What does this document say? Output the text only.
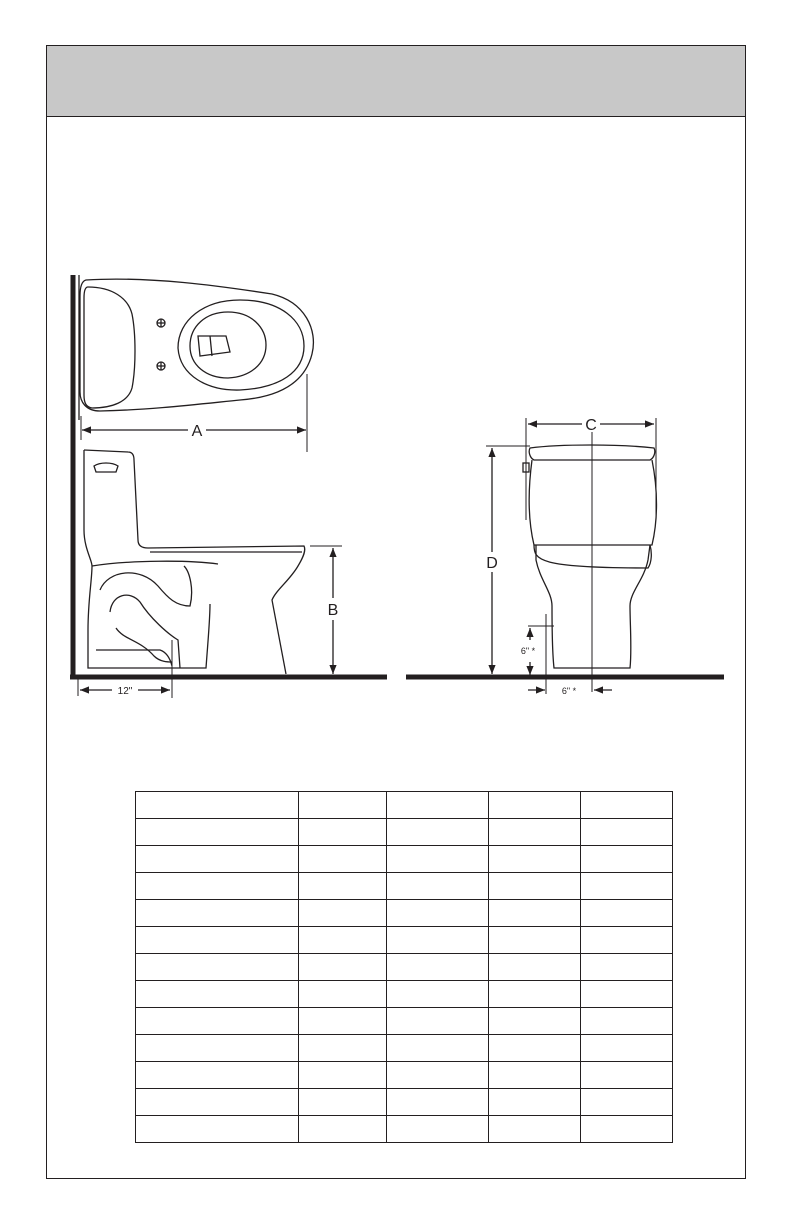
A
B
C
D
12"
6" *
6" *
